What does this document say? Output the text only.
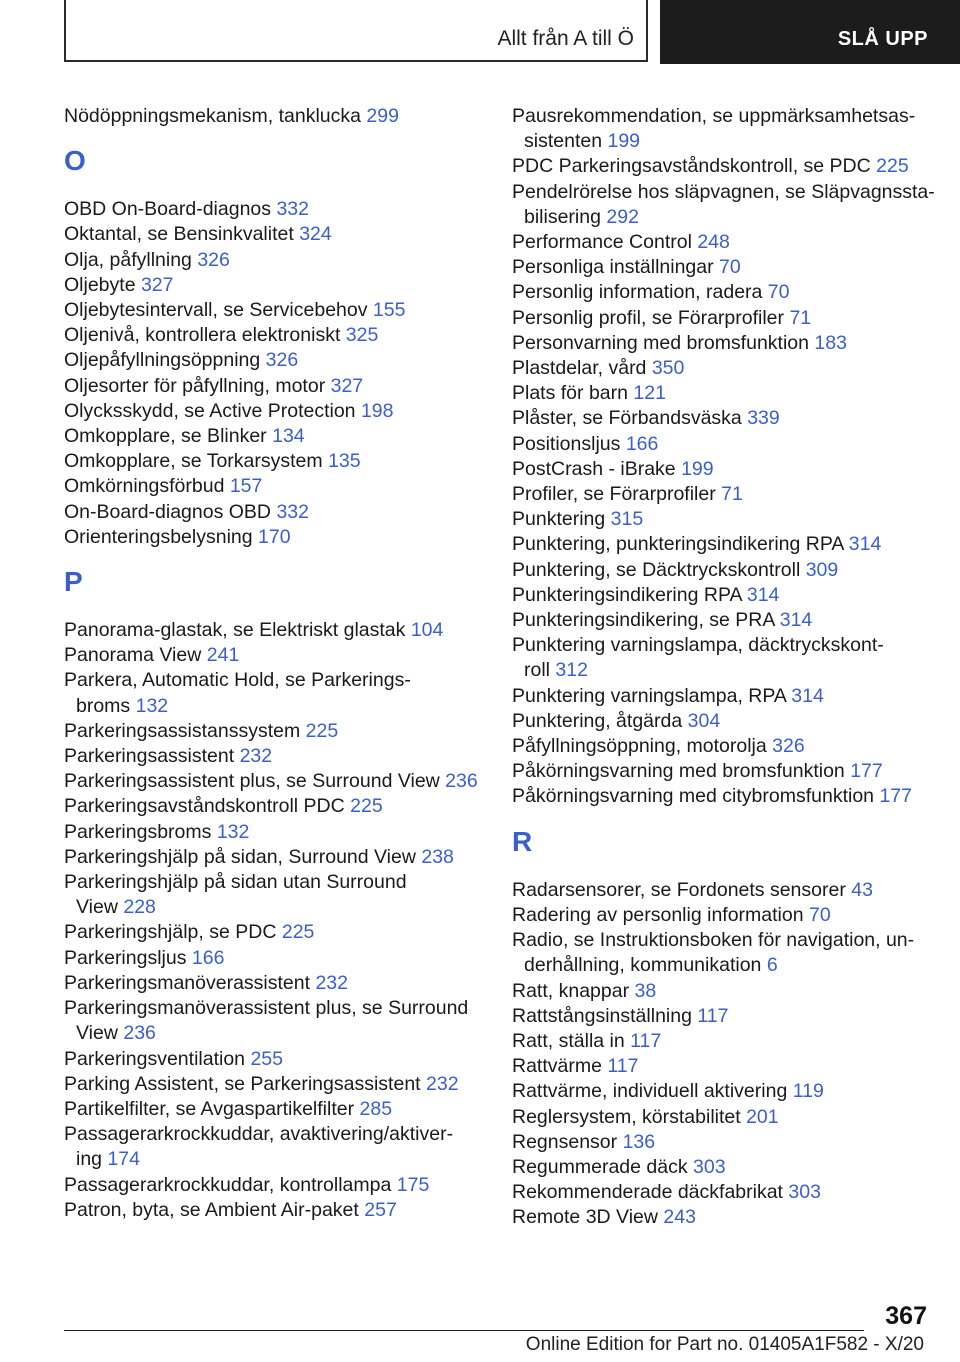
Allt från A till Ö	SLÅ UPP
Nödöppningsmekanism, tanklucka 299
O
OBD On-Board-diagnos 332
Oktantal, se Bensinkvalitet 324
Olja, påfyllning 326
Oljebyte 327
Oljebytesintervall, se Servicebehov 155
Oljenivå, kontrollera elektroniskt 325
Oljepåfyllningsöppning 326
Oljesorter för påfyllning, motor 327
Olycksskydd, se Active Protection 198
Omkopplare, se Blinker 134
Omkopplare, se Torkarsystem 135
Omkörningsförbud 157
On-Board-diagnos OBD 332
Orienteringsbelysning 170
P
Panorama-glastak, se Elektriskt glastak 104
Panorama View 241
Parkera, Automatic Hold, se Parkerings-
broms 132
Parkeringsassistanssystem 225
Parkeringsassistent 232
Parkeringsassistent plus, se Surround View 236
Parkeringsavståndskontroll PDC 225
Parkeringsbroms 132
Parkeringshjälp på sidan, Surround View 238
Parkeringshjälp på sidan utan Surround
View 228
Parkeringshjälp, se PDC 225
Parkeringsljus 166
Parkeringsmanöverassistent 232
Parkeringsmanöverassistent plus, se Surround
View 236
Parkeringsventilation 255
Parking Assistent, se Parkeringsassistent 232
Partikelfilter, se Avgaspartikelfilter 285
Passagerarkrockkuddar, avaktivering/aktiver-
ing 174
Passagerarkrockkuddar, kontrollampa 175
Patron, byta, se Ambient Air-paket 257
Pausrekommendation, se uppmärksamhetsas-
sistenten 199
PDC Parkeringsavståndskontroll, se PDC 225
Pendelrörelse hos släpvagnen, se Släpvagnssta-
bilisering 292
Performance Control 248
Personliga inställningar 70
Personlig information, radera 70
Personlig profil, se Förarprofiler 71
Personvarning med bromsfunktion 183
Plastdelar, vård 350
Plats för barn 121
Plåster, se Förbandsväska 339
Positionsljus 166
PostCrash - iBrake 199
Profiler, se Förarprofiler 71
Punktering 315
Punktering, punkteringsindikering RPA 314
Punktering, se Däcktryckskontroll 309
Punkteringsindikering RPA 314
Punkteringsindikering, se PRA 314
Punktering varningslampa, däcktryckskont-
roll 312
Punktering varningslampa, RPA 314
Punktering, åtgärda 304
Påfyllningsöppning, motorolja 326
Påkörningsvarning med bromsfunktion 177
Påkörningsvarning med citybromsfunktion 177
R
Radarsensorer, se Fordonets sensorer 43
Radering av personlig information 70
Radio, se Instruktionsboken för navigation, un-
derhållning, kommunikation 6
Ratt, knappar 38
Rattstångsinställning 117
Ratt, ställa in 117
Rattvärme 117
Rattvärme, individuell aktivering 119
Reglersystem, körstabilitet 201
Regnsensor 136
Regummerade däck 303
Rekommenderade däckfabrikat 303
Remote 3D View 243
367
Online Edition for Part no. 01405A1F582 - X/20
